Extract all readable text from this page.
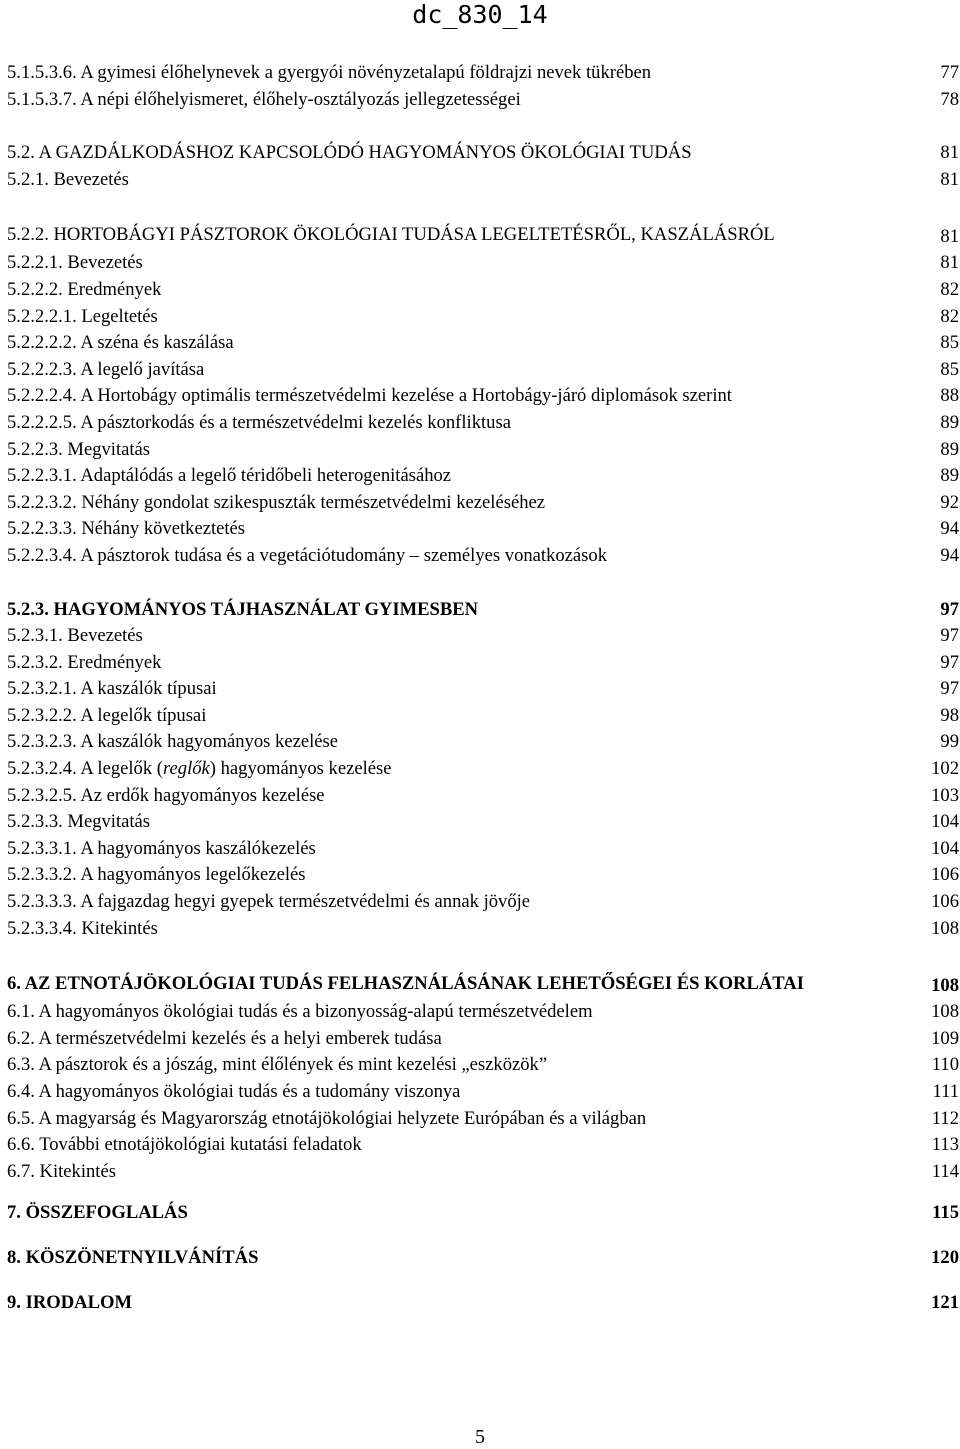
dc_830_14
5.1.5.3.6. A gyimesi élőhelynevek a gyergyói növényzetalapú földrajzi nevek tükrében	77
5.1.5.3.7. A népi élőhelyismeret, élőhely-osztályozás jellegzetességei	78
5.2. A GAZDÁLKODÁSHOZ KAPCSOLÓDÓ HAGYOMÁNYOS ÖKOLÓGIAI TUDÁS	81
5.2.1. Bevezetés	81
5.2.2. HORTOBÁGYI PÁSZTOROK ÖKOLÓGIAI TUDÁSA LEGELTETÉSRŐL, KASZÁLÁSRÓL	81
5.2.2.1. Bevezetés	81
5.2.2.2. Eredmények	82
5.2.2.2.1. Legeltetés	82
5.2.2.2.2. A széna és kaszálása	85
5.2.2.2.3. A legelő javítása	85
5.2.2.2.4. A Hortobágy optimális természetvédelmi kezelése a Hortobágy-járó diplomások szerint	88
5.2.2.2.5. A pásztorkodás és a természetvédelmi kezelés konfliktusa	89
5.2.2.3. Megvitatás	89
5.2.2.3.1. Adaptálódás a legelő téridőbeli heterogenitásához	89
5.2.2.3.2. Néhány gondolat szikespuszták természetvédelmi kezeléséhez	92
5.2.2.3.3. Néhány következtetés	94
5.2.2.3.4. A pásztorok tudása és a vegetációtudomány – személyes vonatkozások	94
5.2.3. HAGYOMÁNYOS TÁJHASZNÁLAT GYIMESBEN	97
5.2.3.1. Bevezetés	97
5.2.3.2. Eredmények	97
5.2.3.2.1. A kaszálók típusai	97
5.2.3.2.2. A legelők típusai	98
5.2.3.2.3. A kaszálók hagyományos kezelése	99
5.2.3.2.4. A legelők (reglők) hagyományos kezelése	102
5.2.3.2.5. Az erdők hagyományos kezelése	103
5.2.3.3. Megvitatás	104
5.2.3.3.1. A hagyományos kaszálókezelés	104
5.2.3.3.2. A hagyományos legelőkezelés	106
5.2.3.3.3. A fajgazdag hegyi gyepek természetvédelmi és annak jövője	106
5.2.3.3.4. Kitekintés	108
6. AZ ETNOTÁJÖKOLÓGIAI TUDÁS FELHASZNÁLÁSÁNAK LEHETŐSÉGEI ÉS KORLÁTAI	108
6.1. A hagyományos ökológiai tudás és a bizonyosság-alapú természetvédelem	108
6.2. A természetvédelmi kezelés és a helyi emberek tudása	109
6.3. A pásztorok és a jószág, mint élőlények és mint kezelési „eszközök”	110
6.4. A hagyományos ökológiai tudás és a tudomány viszonya	111
6.5. A magyarság és Magyarország etnotájökológiai helyzete Európában és a világban	112
6.6. További etnotájökológiai kutatási feladatok	113
6.7. Kitekintés	114
7. ÖSSZEFOGLALÁS	115
8. KÖSZÖNETNYILVÁNÍTÁS	120
9. IRODALOM	121
5
